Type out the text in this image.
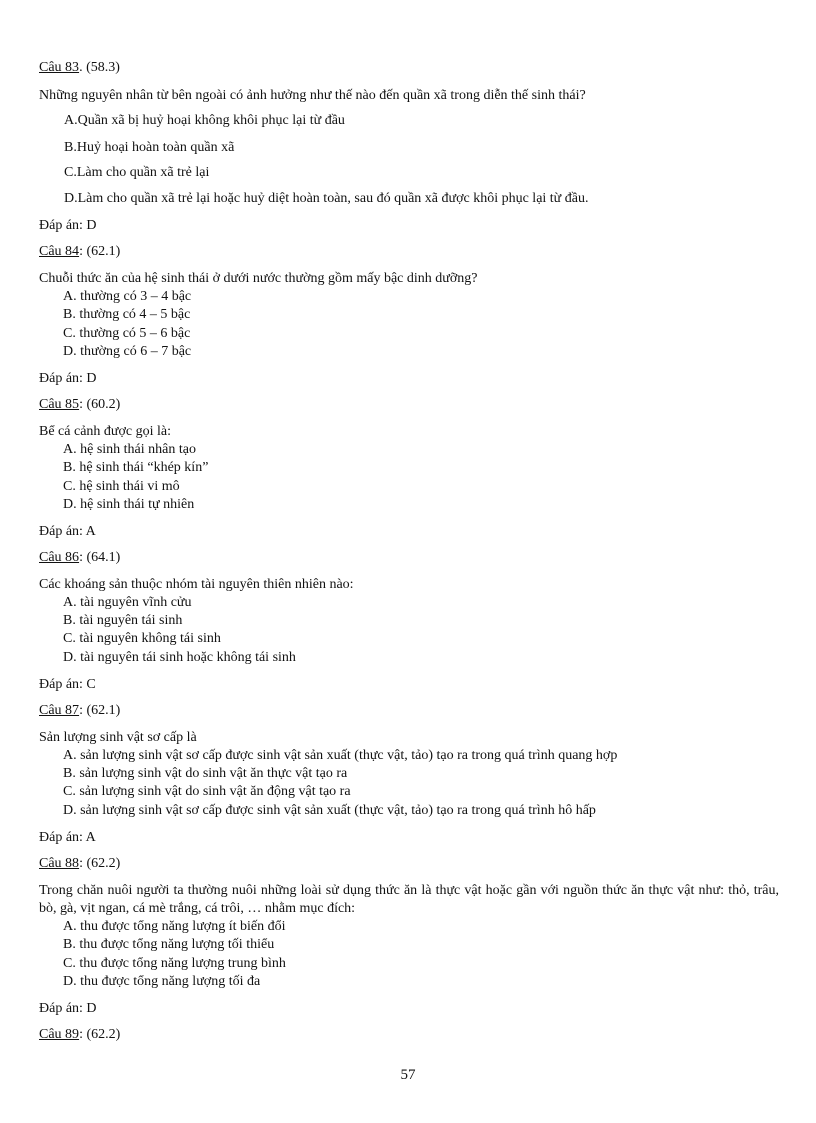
Câu 83. (58.3)
Những nguyên nhân từ bên ngoài có ảnh hưởng như thế nào đến quần xã trong diễn thế sinh thái?
A.Quần xã bị huỷ hoại không khôi phục lại từ đầu
B.Huỷ hoại hoàn toàn quần xã
C.Làm cho quần xã trẻ lại
D.Làm cho quần xã trẻ lại hoặc huỷ diệt hoàn toàn, sau đó quần xã được khôi phục lại từ đầu.
Đáp án: D
Câu 84: (62.1)
Chuỗi thức ăn của hệ sinh thái ở dưới nước thường gồm mấy bậc dinh dưỡng?
A. thường có 3 – 4 bậc
B. thường có 4 – 5 bậc
C. thường có 5 – 6 bậc
D. thường có 6 – 7 bậc
Đáp án: D
Câu 85: (60.2)
Bể cá cảnh được gọi là:
A. hệ sinh thái nhân tạo
B. hệ sinh thái “khép kín”
C. hệ sinh thái vi mô
D. hệ sinh thái tự nhiên
Đáp án: A
Câu 86: (64.1)
Các khoáng sản thuộc nhóm tài nguyên thiên nhiên nào:
A. tài nguyên vĩnh cửu
B. tài nguyên tái sinh
C. tài nguyên không tái sinh
D. tài nguyên tái sinh hoặc không tái sinh
Đáp án: C
Câu 87: (62.1)
Sản lượng sinh vật sơ cấp là
A. sản lượng sinh vật sơ cấp được sinh vật sản xuất (thực vật, tảo) tạo ra trong quá trình quang hợp
B. sản lượng sinh vật do sinh vật ăn thực vật tạo ra
C. sản lượng sinh vật do sinh vật ăn động vật tạo ra
D. sản lượng sinh vật sơ cấp được sinh vật sản xuất (thực vật, tảo) tạo ra trong quá trình hô hấp
Đáp án: A
Câu 88: (62.2)
Trong chăn nuôi người ta thường nuôi những loài sử dụng thức ăn là thực vật hoặc gần với nguồn thức ăn thực vật như: thỏ, trâu, bò, gà, vịt ngan, cá mè trắng, cá trôi, … nhằm mục đích:
A. thu được tổng năng lượng ít biến đổi
B. thu được tổng năng lượng tối thiểu
C. thu được tổng năng lượng trung bình
D. thu được tổng năng lượng tối đa
Đáp án: D
Câu 89: (62.2)
57
